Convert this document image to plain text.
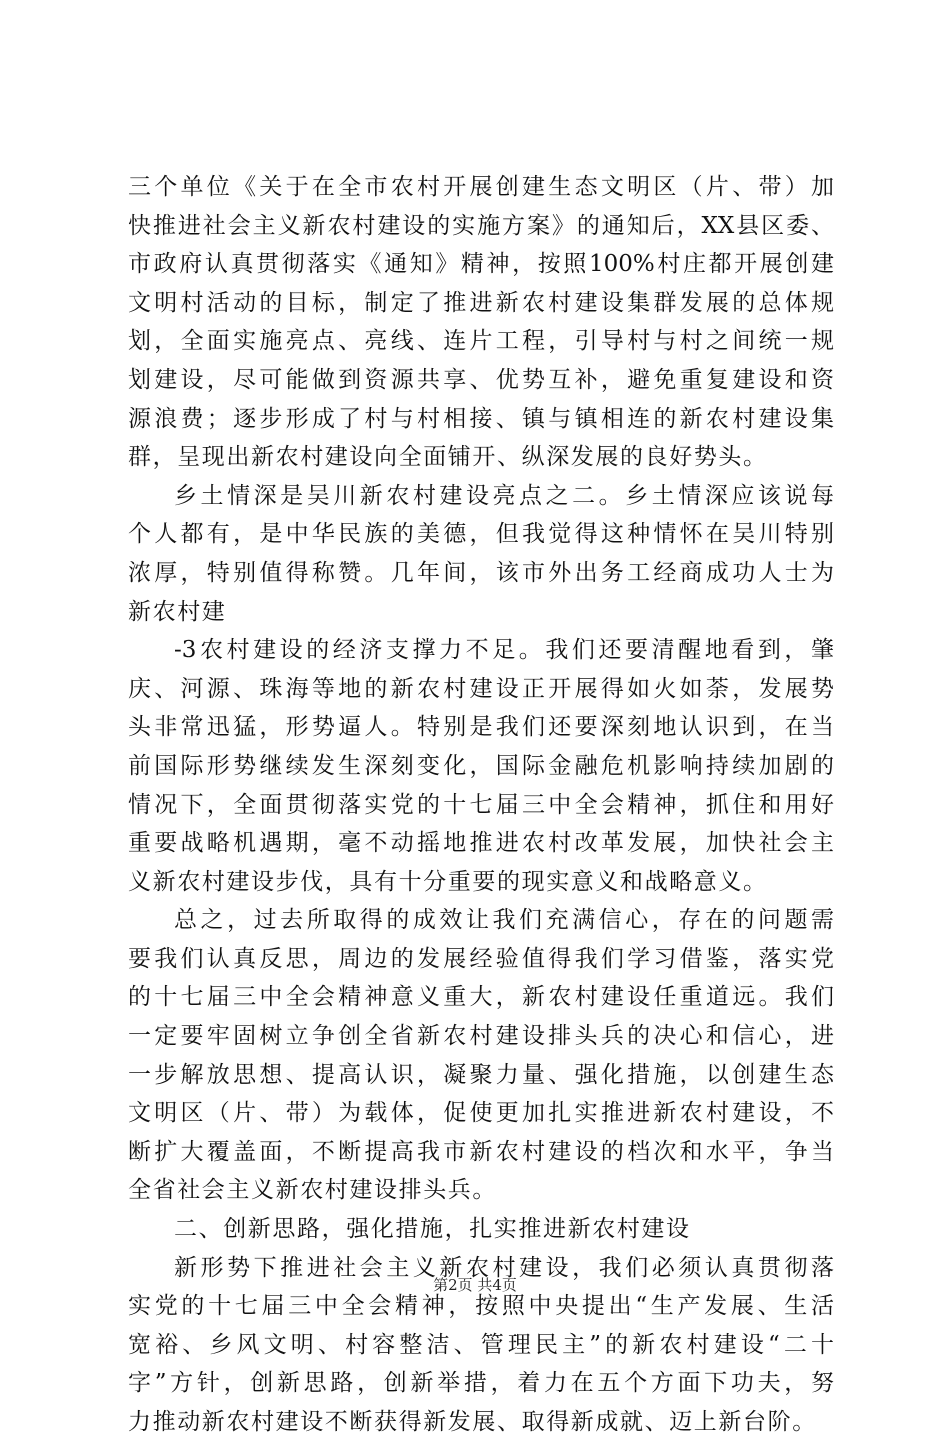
三个单位《关于在全市农村开展创建生态文明区（片、带）加
快推进社会主义新农村建设的实施方案》的通知后，XX县区委、
市政府认真贯彻落实《通知》精神，按照100%村庄都开展创建
文明村活动的目标，制定了推进新农村建设集群发展的总体规
划，全面实施亮点、亮线、连片工程，引导村与村之间统一规
划建设，尽可能做到资源共享、优势互补，避免重复建设和资
源浪费；逐步形成了村与村相接、镇与镇相连的新农村建设集
群，呈现出新农村建设向全面铺开、纵深发展的良好势头。
乡土情深是吴川新农村建设亮点之二。乡土情深应该说每
个人都有，是中华民族的美德，但我觉得这种情怀在吴川特别
浓厚，特别值得称赞。几年间，该市外出务工经商成功人士为
新农村建
-3农村建设的经济支撑力不足。我们还要清醒地看到，肇
庆、河源、珠海等地的新农村建设正开展得如火如荼，发展势
头非常迅猛，形势逼人。特别是我们还要深刻地认识到，在当
前国际形势继续发生深刻变化，国际金融危机影响持续加剧的
情况下，全面贯彻落实党的十七届三中全会精神，抓住和用好
重要战略机遇期，毫不动摇地推进农村改革发展，加快社会主
义新农村建设步伐，具有十分重要的现实意义和战略意义。
总之，过去所取得的成效让我们充满信心，存在的问题需
要我们认真反思，周边的发展经验值得我们学习借鉴，落实党
的十七届三中全会精神意义重大，新农村建设任重道远。我们
一定要牢固树立争创全省新农村建设排头兵的决心和信心，进
一步解放思想、提高认识，凝聚力量、强化措施，以创建生态
文明区（片、带）为载体，促使更加扎实推进新农村建设，不
断扩大覆盖面，不断提高我市新农村建设的档次和水平，争当
全省社会主义新农村建设排头兵。
二、创新思路，强化措施，扎实推进新农村建设
新形势下推进社会主义新农村建设，我们必须认真贯彻落
实党的十七届三中全会精神，按照中央提出“生产发展、生活
宽裕、乡风文明、村容整洁、管理民主”的新农村建设“二十
字”方针，创新思路，创新举措，着力在五个方面下功夫，努
力推动新农村建设不断获得新发展、取得新成就、迈上新台阶。
第2页 共4页
